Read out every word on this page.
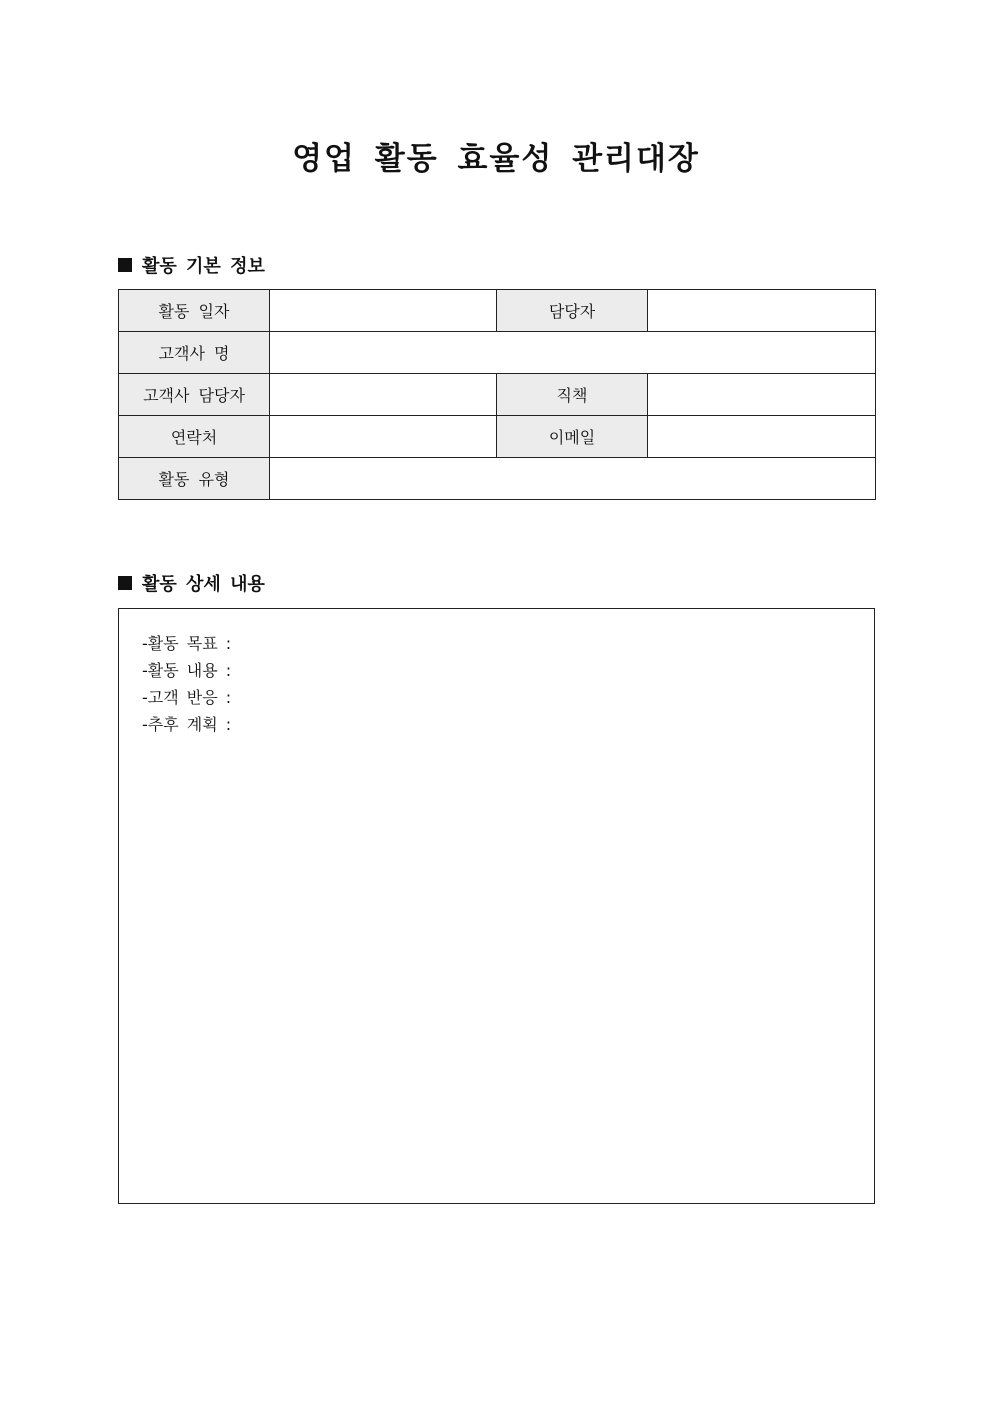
영업 활동 효율성 관리대장
활동 기본 정보
활동 일자		담당자	
고객사 명			
고객사 담당자		직책	
연락처		이메일	
활동 유형			
활동 상세 내용
-활동 목표 :
-활동 내용 :
-고객 반응 :
-추후 계획 :
